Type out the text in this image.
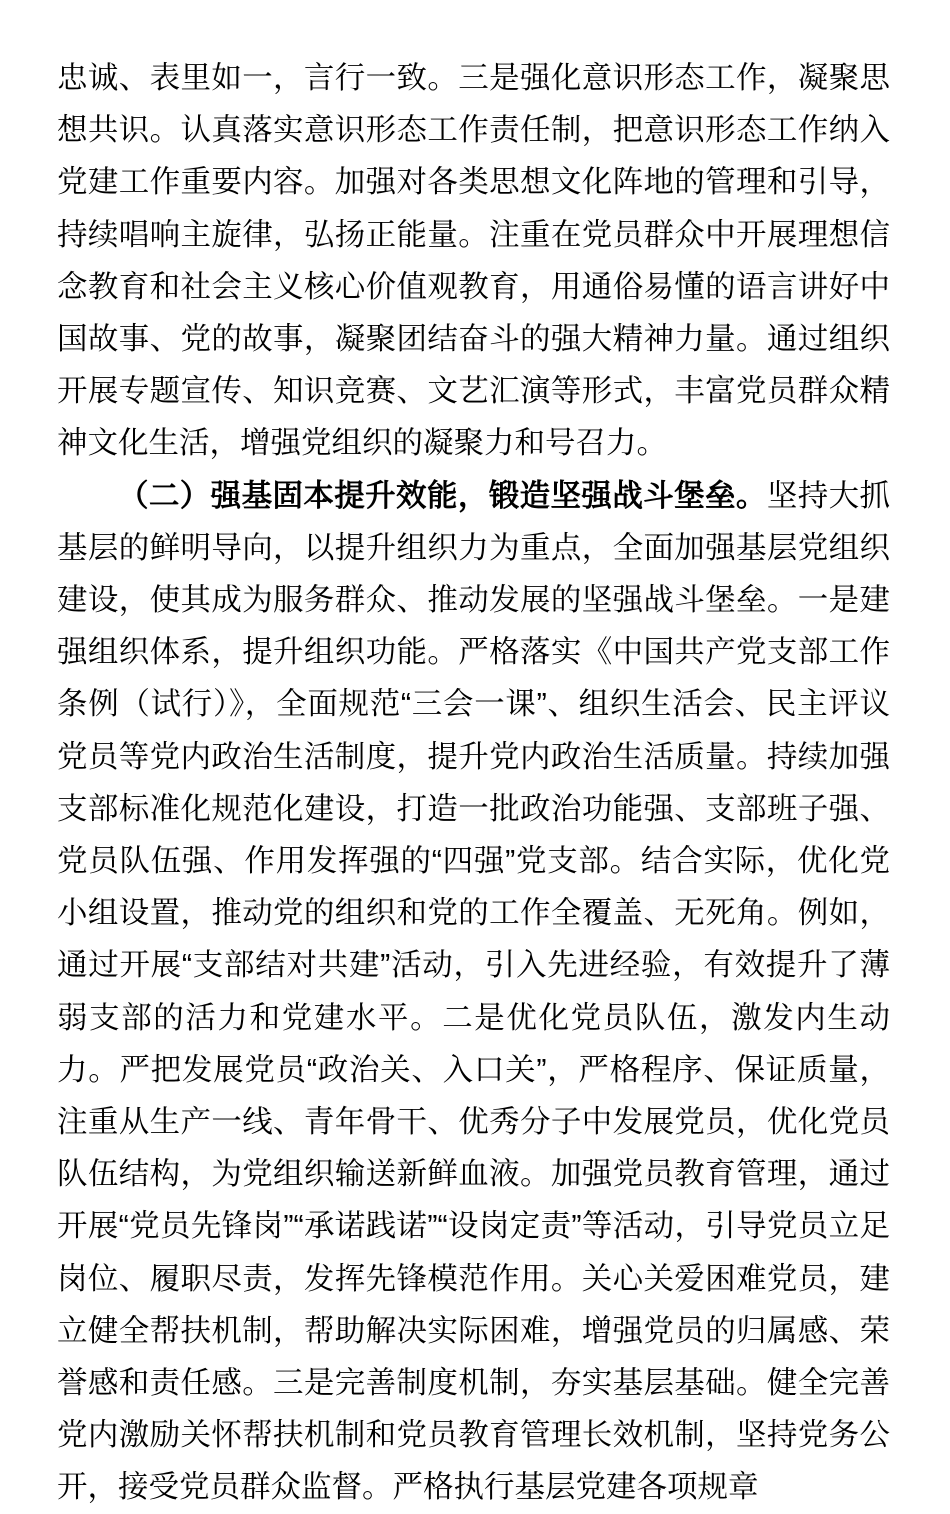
忠诚、表里如一，言行一致。三是强化意识形态工作，凝聚思想共识。认真落实意识形态工作责任制，把意识形态工作纳入党建工作重要内容。加强对各类思想文化阵地的管理和引导，持续唱响主旋律，弘扬正能量。注重在党员群众中开展理想信念教育和社会主义核心价值观教育，用通俗易懂的语言讲好中国故事、党的故事，凝聚团结奋斗的强大精神力量。通过组织开展专题宣传、知识竞赛、文艺汇演等形式，丰富党员群众精神文化生活，增强党组织的凝聚力和号召力。

（二）强基固本提升效能，锻造坚强战斗堡垒。坚持大抓基层的鲜明导向，以提升组织力为重点，全面加强基层党组织建设，使其成为服务群众、推动发展的坚强战斗堡垒。一是建强组织体系，提升组织功能。严格落实《中国共产党支部工作条例（试行）》，全面规范“三会一课”、组织生活会、民主评议党员等党内政治生活制度，提升党内政治生活质量。持续加强支部标准化规范化建设，打造一批政治功能强、支部班子强、党员队伍强、作用发挥强的“四强”党支部。结合实际，优化党小组设置，推动党的组织和党的工作全覆盖、无死角。例如，通过开展“支部结对共建”活动，引入先进经验，有效提升了薄弱支部的活力和党建水平。二是优化党员队伍，激发内生动力。严把发展党员“政治关、入口关”，严格程序、保证质量，注重从生产一线、青年骨干、优秀分子中发展党员，优化党员队伍结构，为党组织输送新鲜血液。加强党员教育管理，通过开展“党员先锋岗”“承诺践诺”“设岗定责”等活动，引导党员立足岗位、履职尽责，发挥先锋模范作用。关心关爱困难党员，建立健全帮扶机制，帮助解决实际困难，增强党员的归属感、荣誉感和责任感。三是完善制度机制，夯实基层基础。健全完善党内激励关怀帮扶机制和党员教育管理长效机制，坚持党务公开，接受党员群众监督。严格执行基层党建各项规章
